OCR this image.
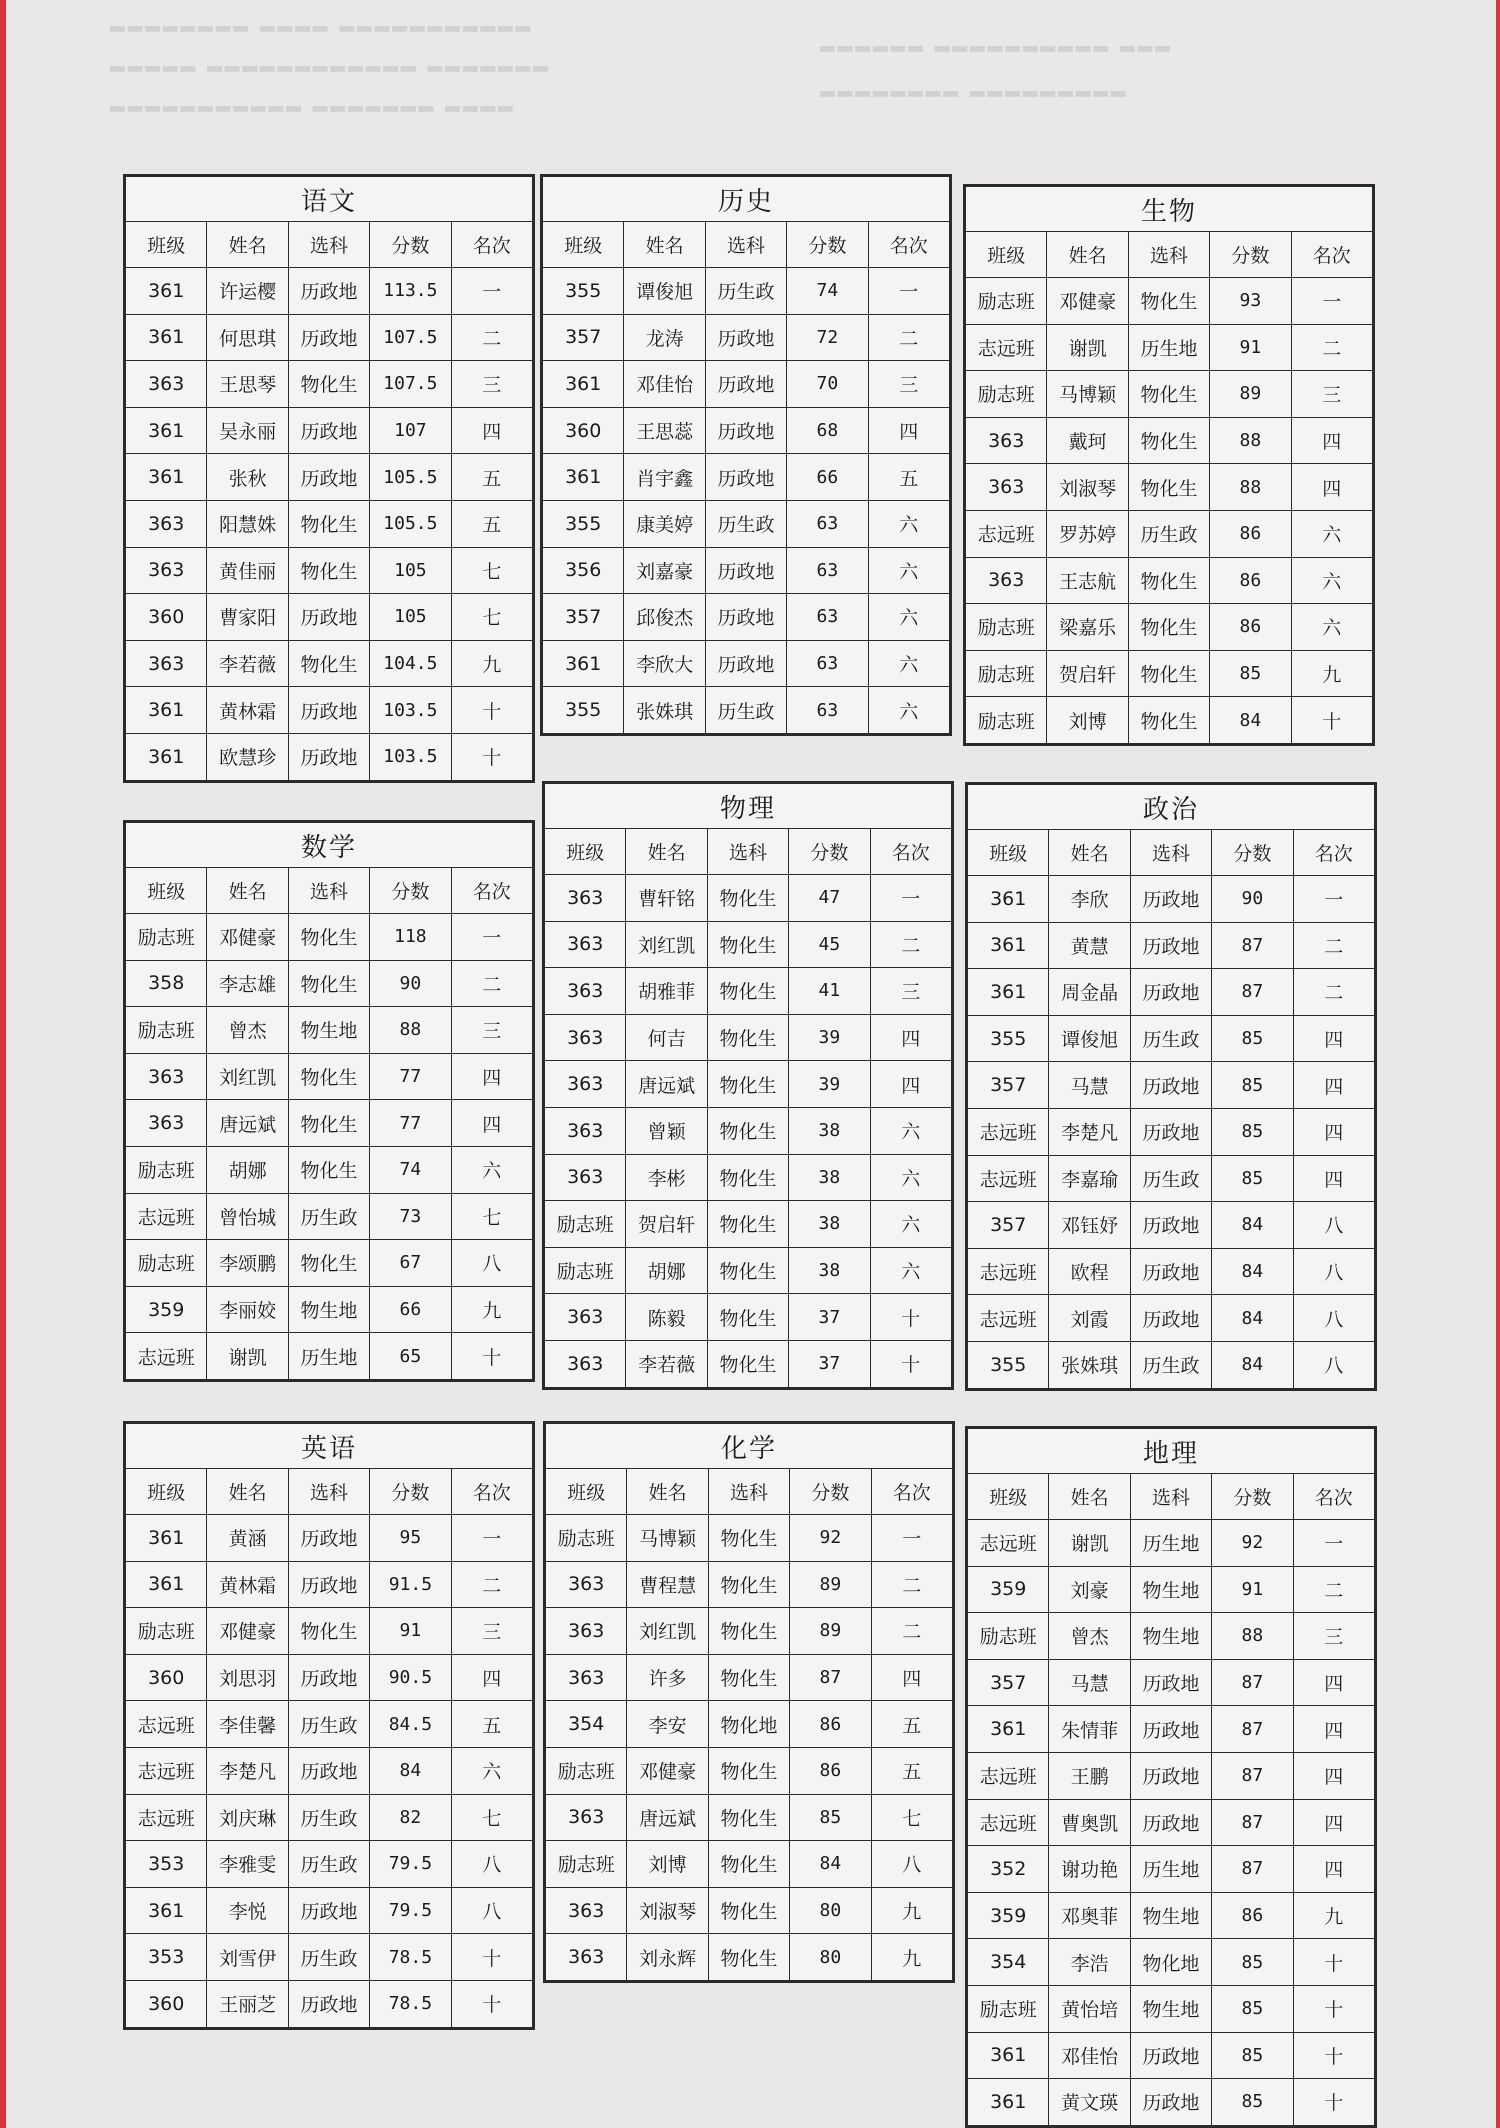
▂▂▂▂▂▂▂▂ ▂▂▂▂ ▂▂▂▂▂▂▂▂▂▂▂
▂▂▂▂▂ ▂▂▂▂▂▂▂▂▂▂▂▂ ▂▂▂▂▂▂▂
▂▂▂▂▂▂▂▂▂▂▂ ▂▂▂▂▂▂▂ ▂▂▂▂
▂▂▂▂▂▂ ▂▂▂▂▂▂▂▂▂▂ ▂▂▂
▂▂▂▂▂▂▂▂ ▂▂▂▂▂▂▂▂▂
语文				
班级	姓名	选科	分数	名次
361	许运樱	历政地	113.5	一
361	何思琪	历政地	107.5	二
363	王思琴	物化生	107.5	三
361	吴永丽	历政地	107	四
361	张秋	历政地	105.5	五
363	阳慧姝	物化生	105.5	五
363	黄佳丽	物化生	105	七
360	曹家阳	历政地	105	七
363	李若薇	物化生	104.5	九
361	黄林霜	历政地	103.5	十
361	欧慧珍	历政地	103.5	十
历史				
班级	姓名	选科	分数	名次
355	谭俊旭	历生政	74	一
357	龙涛	历政地	72	二
361	邓佳怡	历政地	70	三
360	王思蕊	历政地	68	四
361	肖宇鑫	历政地	66	五
355	康美婷	历生政	63	六
356	刘嘉豪	历政地	63	六
357	邱俊杰	历政地	63	六
361	李欣大	历政地	63	六
355	张姝琪	历生政	63	六
生物				
班级	姓名	选科	分数	名次
励志班	邓健豪	物化生	93	一
志远班	谢凯	历生地	91	二
励志班	马博颖	物化生	89	三
363	戴珂	物化生	88	四
363	刘淑琴	物化生	88	四
志远班	罗苏婷	历生政	86	六
363	王志航	物化生	86	六
励志班	梁嘉乐	物化生	86	六
励志班	贺启轩	物化生	85	九
励志班	刘博	物化生	84	十
数学				
班级	姓名	选科	分数	名次
励志班	邓健豪	物化生	118	一
358	李志雄	物化生	90	二
励志班	曾杰	物生地	88	三
363	刘红凯	物化生	77	四
363	唐远斌	物化生	77	四
励志班	胡娜	物化生	74	六
志远班	曾怡城	历生政	73	七
励志班	李颂鹏	物化生	67	八
359	李丽姣	物生地	66	九
志远班	谢凯	历生地	65	十
物理				
班级	姓名	选科	分数	名次
363	曹轩铭	物化生	47	一
363	刘红凯	物化生	45	二
363	胡雅菲	物化生	41	三
363	何吉	物化生	39	四
363	唐远斌	物化生	39	四
363	曾颖	物化生	38	六
363	李彬	物化生	38	六
励志班	贺启轩	物化生	38	六
励志班	胡娜	物化生	38	六
363	陈毅	物化生	37	十
363	李若薇	物化生	37	十
政治				
班级	姓名	选科	分数	名次
361	李欣	历政地	90	一
361	黄慧	历政地	87	二
361	周金晶	历政地	87	二
355	谭俊旭	历生政	85	四
357	马慧	历政地	85	四
志远班	李楚凡	历政地	85	四
志远班	李嘉瑜	历生政	85	四
357	邓钰妤	历政地	84	八
志远班	欧程	历政地	84	八
志远班	刘霞	历政地	84	八
355	张姝琪	历生政	84	八
英语				
班级	姓名	选科	分数	名次
361	黄涵	历政地	95	一
361	黄林霜	历政地	91.5	二
励志班	邓健豪	物化生	91	三
360	刘思羽	历政地	90.5	四
志远班	李佳馨	历生政	84.5	五
志远班	李楚凡	历政地	84	六
志远班	刘庆琳	历生政	82	七
353	李雅雯	历生政	79.5	八
361	李悦	历政地	79.5	八
353	刘雪伊	历生政	78.5	十
360	王丽芝	历政地	78.5	十
化学				
班级	姓名	选科	分数	名次
励志班	马博颖	物化生	92	一
363	曹程慧	物化生	89	二
363	刘红凯	物化生	89	二
363	许多	物化生	87	四
354	李安	物化地	86	五
励志班	邓健豪	物化生	86	五
363	唐远斌	物化生	85	七
励志班	刘博	物化生	84	八
363	刘淑琴	物化生	80	九
363	刘永辉	物化生	80	九
地理				
班级	姓名	选科	分数	名次
志远班	谢凯	历生地	92	一
359	刘豪	物生地	91	二
励志班	曾杰	物生地	88	三
357	马慧	历政地	87	四
361	朱情菲	历政地	87	四
志远班	王鹏	历政地	87	四
志远班	曹奥凯	历政地	87	四
352	谢功艳	历生地	87	四
359	邓奥菲	物生地	86	九
354	李浩	物化地	85	十
励志班	黄怡培	物生地	85	十
361	邓佳怡	历政地	85	十
361	黄文瑛	历政地	85	十
